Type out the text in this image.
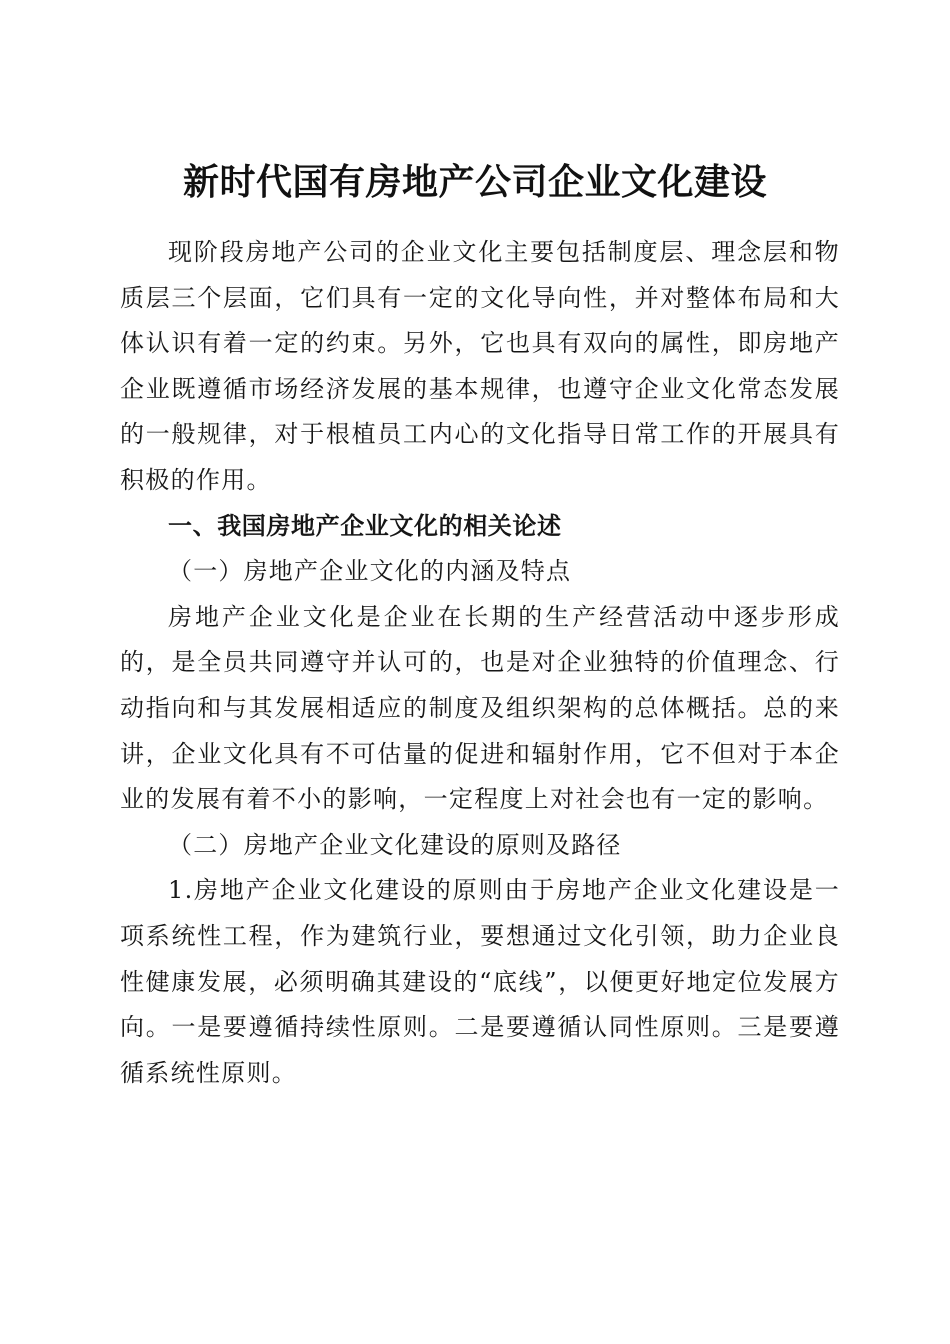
新时代国有房地产公司企业文化建设

现阶段房地产公司的企业文化主要包括制度层、理念层和物质层三个层面，它们具有一定的文化导向性，并对整体布局和大体认识有着一定的约束。另外，它也具有双向的属性，即房地产企业既遵循市场经济发展的基本规律，也遵守企业文化常态发展的一般规律，对于根植员工内心的文化指导日常工作的开展具有积极的作用。

一、我国房地产企业文化的相关论述

（一）房地产企业文化的内涵及特点

房地产企业文化是企业在长期的生产经营活动中逐步形成的，是全员共同遵守并认可的，也是对企业独特的价值理念、行动指向和与其发展相适应的制度及组织架构的总体概括。总的来讲，企业文化具有不可估量的促进和辐射作用，它不但对于本企业的发展有着不小的影响，一定程度上对社会也有一定的影响。

（二）房地产企业文化建设的原则及路径

1.房地产企业文化建设的原则由于房地产企业文化建设是一项系统性工程，作为建筑行业，要想通过文化引领，助力企业良性健康发展，必须明确其建设的“底线”，以便更好地定位发展方向。一是要遵循持续性原则。二是要遵循认同性原则。三是要遵循系统性原则。
